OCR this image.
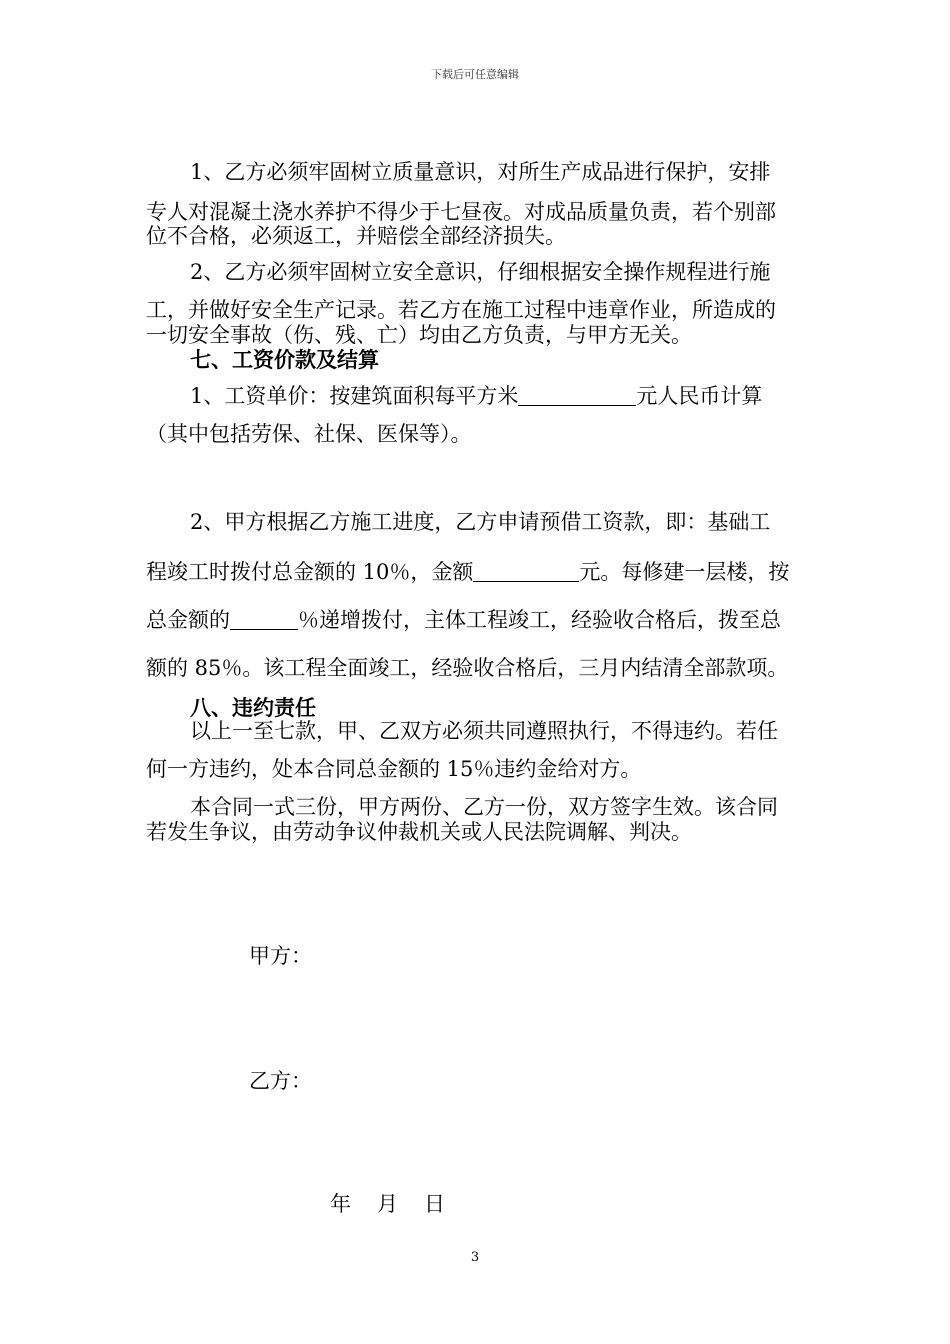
下载后可任意编辑
1、乙方必须牢固树立质量意识，对所生产成品进行保护，安排
专人对混凝土浇水养护不得少于七昼夜。对成品质量负责，若个别部
位不合格，必须返工，并赔偿全部经济损失。
2、乙方必须牢固树立安全意识，仔细根据安全操作规程进行施
工，并做好安全生产记录。若乙方在施工过程中违章作业，所造成的
一切安全事故（伤、残、亡）均由乙方负责，与甲方无关。
七、工资价款及结算
1、工资单价：按建筑面积每平方米	元人民币计算
（其中包括劳保、社保、医保等）。
2、甲方根据乙方施工进度，乙方申请预借工资款，即：基础工
程竣工时拨付总金额的 10％，金额	元。每修建一层楼，按
总金额的	％递增拨付，主体工程竣工，经验收合格后，拨至总
额的 85％。该工程全面竣工，经验收合格后，三月内结清全部款项。
八、违约责任
以上一至七款，甲、乙双方必须共同遵照执行，不得违约。若任
何一方违约，处本合同总金额的 15％违约金给对方。
本合同一式三份，甲方两份、乙方一份，双方签字生效。该合同
若发生争议，由劳动争议仲裁机关或人民法院调解、判决。
甲方：
乙方：
年 月 日
3
